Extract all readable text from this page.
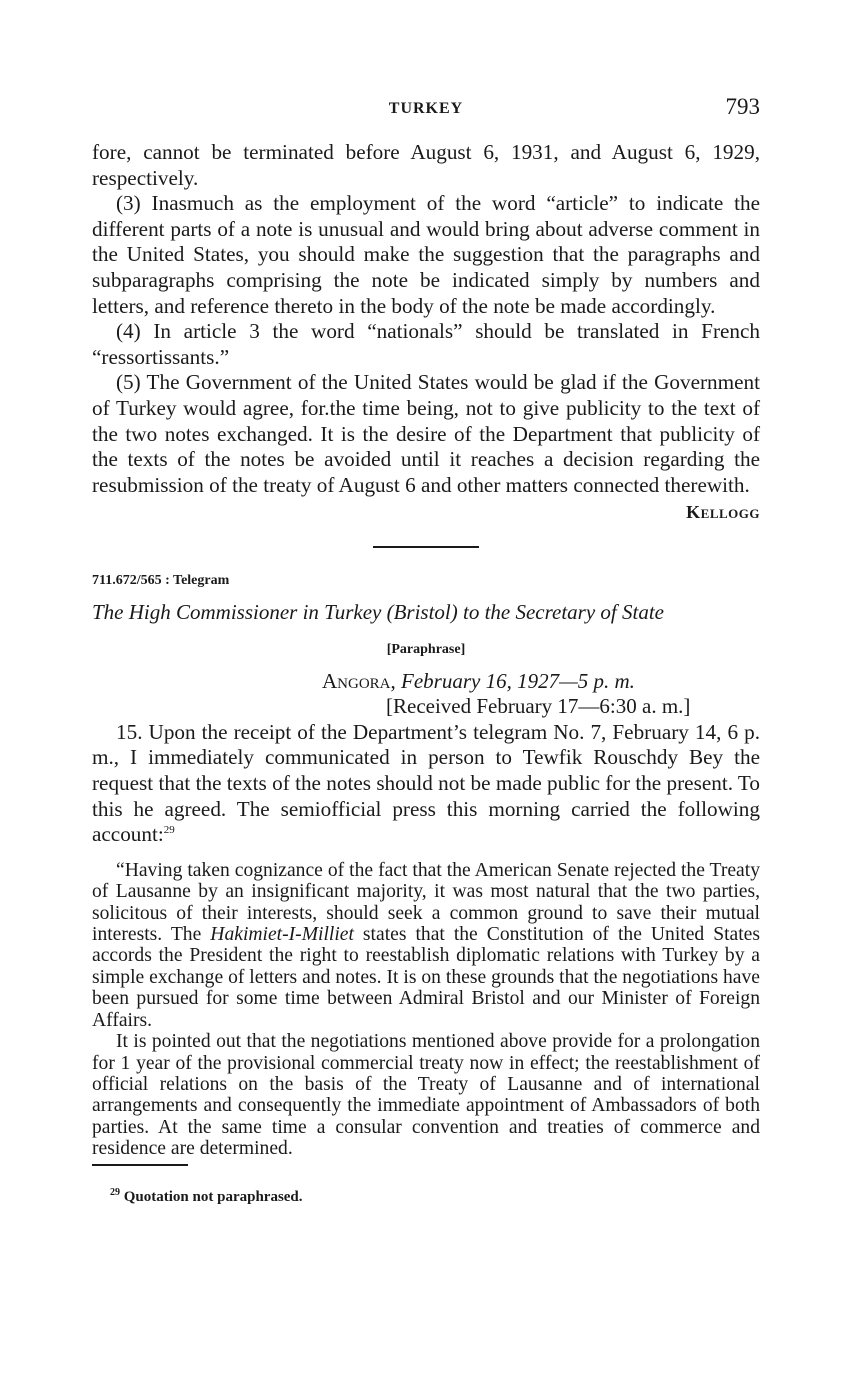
TURKEY	793

fore, cannot be terminated before August 6, 1931, and August 6, 1929, respectively.

(3) Inasmuch as the employment of the word “article” to indicate the different parts of a note is unusual and would bring about adverse comment in the United States, you should make the suggestion that the paragraphs and subparagraphs comprising the note be indicated simply by numbers and letters, and reference thereto in the body of the note be made accordingly.

(4) In article 3 the word “nationals” should be translated in French “ressortissants.”

(5) The Government of the United States would be glad if the Government of Turkey would agree, for.the time being, not to give publicity to the text of the two notes exchanged. It is the desire of the Department that publicity of the texts of the notes be avoided until it reaches a decision regarding the resubmission of the treaty of August 6 and other matters connected therewith.

Kellogg
711.672/565 : Telegram
The High Commissioner in Turkey (Bristol) to the Secretary of State
[Paraphrase]
Angora, February 16, 1927—5 p. m.
[Received February 17—6:30 a. m.]

15. Upon the receipt of the Department’s telegram No. 7, February 14, 6 p. m., I immediately communicated in person to Tewfik Rouschdy Bey the request that the texts of the notes should not be made public for the present. To this he agreed. The semiofficial press this morning carried the following account:$^{29}$

“Having taken cognizance of the fact that the American Senate rejected the Treaty of Lausanne by an insignificant majority, it was most natural that the two parties, solicitous of their interests, should seek a common ground to save their mutual interests. The Hakimiet-I-Milliet states that the Constitution of the United States accords the President the right to reestablish diplomatic relations with Turkey by a simple exchange of letters and notes. It is on these grounds that the negotiations have been pursued for some time between Admiral Bristol and our Minister of Foreign Affairs.

It is pointed out that the negotiations mentioned above provide for a prolongation for 1 year of the provisional commercial treaty now in effect; the reestablishment of official relations on the basis of the Treaty of Lausanne and of international arrangements and consequently the immediate appointment of Ambassadors of both parties. At the same time a consular convention and treaties of commerce and residence are determined.

$^{29}$ Quotation not paraphrased.
